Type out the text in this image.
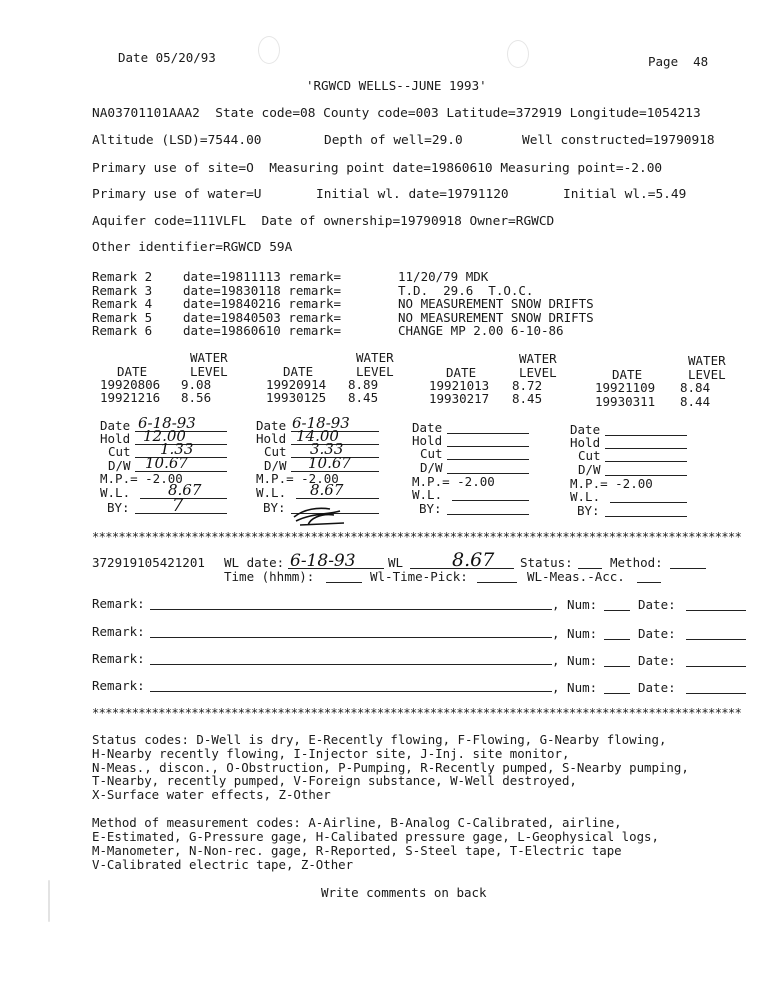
Date 05/20/93	Page  48
'RGWCD WELLS--JUNE 1993'
NA03701101AAA2  State code=08 County code=003 Latitude=372919 Longitude=1054213
Altitude (LSD)=7544.00	Depth of well=29.0	Well constructed=19790918
Primary use of site=O  Measuring point date=19860610 Measuring point=-2.00
Primary use of water=U	Initial wl. date=19791120	Initial wl.=5.49
Aquifer code=111VLFL  Date of ownership=19790918 Owner=RGWCD
Other identifier=RGWCD 59A
Remark 2 date=19811113 remark=	11/20/79 MDK
Remark 3 date=19830118 remark=	T.D.  29.6  T.O.C.
Remark 4 date=19840216 remark=	NO MEASUREMENT SNOW DRIFTS
Remark 5 date=19840503 remark=	NO MEASUREMENT SNOW DRIFTS
Remark 6 date=19860610 remark=	CHANGE MP 2.00 6-10-86
WATER
DATE	LEVEL
19920806 9.08
19921216 8.56
WATER
DATE	LEVEL
19920914 8.89
19930125 8.45
WATER
DATE	LEVEL
19921013 8.72
19930217 8.45
WATER
DATE	LEVEL
19921109 8.84
19930311 8.44
Date 6-18-93
Hold 12.00
Cut 1.33
D/W 10.67
M.P.= -2.00
W.L.	8.67
BY: 7
Date 6-18-93
Hold 14.00
Cut 3.33
D/W 10.67
M.P.= -2.00
W.L. 8.67
BY:
Date
Hold
Cut
D/W
M.P.= -2.00
W.L.
BY:
Date
Hold
Cut
D/W
M.P.= -2.00
W.L.
BY:
**************************************************************************************************
372919105421201 WL date: 6-18-93	WL	8.67 Status:	Method:
Time (hhmm):	Wl-Time-Pick:	WL-Meas.-Acc.
Remark:	, Num:	Date:
Remark:	, Num:	Date:
Remark:	, Num:	Date:
Remark:	, Num:	Date:
**************************************************************************************************
Status codes: D-Well is dry, E-Recently flowing, F-Flowing, G-Nearby flowing,
H-Nearby recently flowing, I-Injector site, J-Inj. site monitor,
N-Meas., discon., O-Obstruction, P-Pumping, R-Recently pumped, S-Nearby pumping,
T-Nearby, recently pumped, V-Foreign substance, W-Well destroyed,
X-Surface water effects, Z-Other
Method of measurement codes: A-Airline, B-Analog C-Calibrated, airline,
E-Estimated, G-Pressure gage, H-Calibated pressure gage, L-Geophysical logs,
M-Manometer, N-Non-rec. gage, R-Reported, S-Steel tape, T-Electric tape
V-Calibrated electric tape, Z-Other
Write comments on back
